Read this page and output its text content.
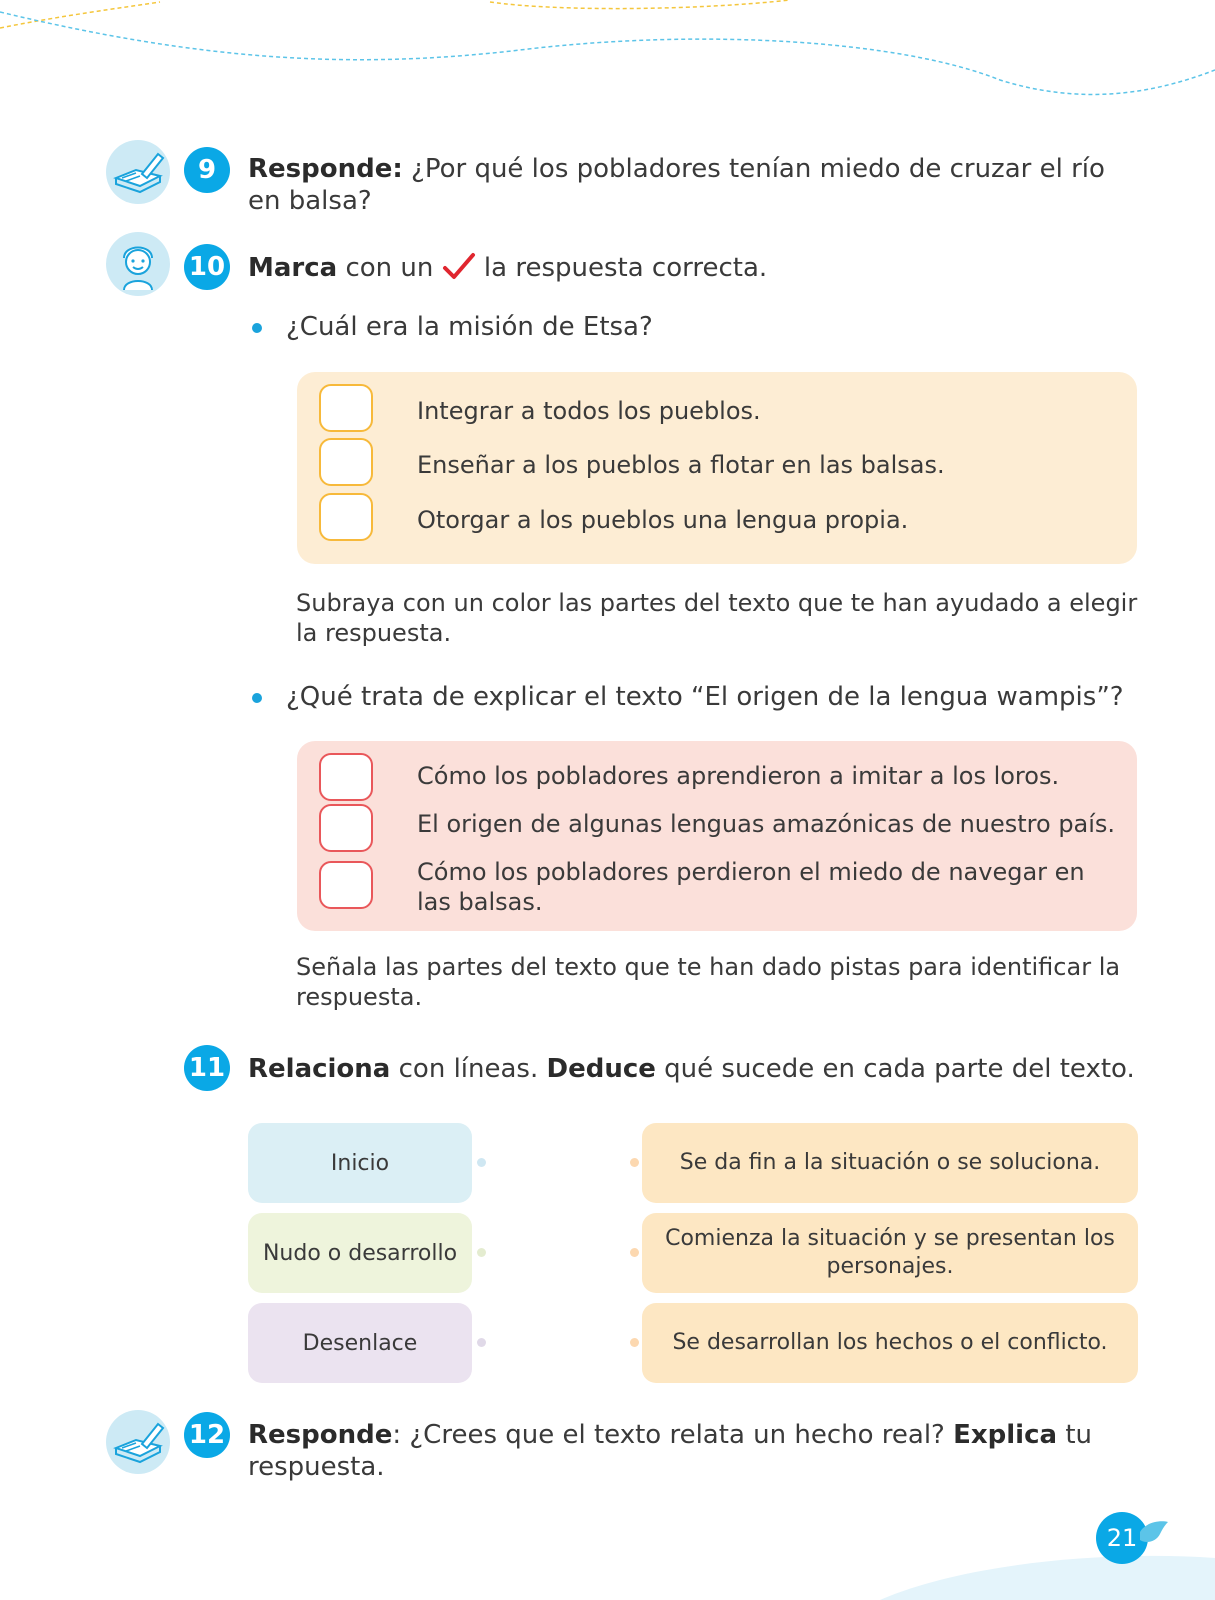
9 Responde: ¿Por qué los pobladores tenían miedo de cruzar el río en balsa?
10 Marca con un  la respuesta correcta.
¿Cuál era la misión de Etsa?
Integrar a todos los pueblos.
Enseñar a los pueblos a flotar en las balsas.
Otorgar a los pueblos una lengua propia.
Subraya con un color las partes del texto que te han ayudado a elegir la respuesta.
¿Qué trata de explicar el texto “El origen de la lengua wampis”?
Cómo los pobladores aprendieron a imitar a los loros.
El origen de algunas lenguas amazónicas de nuestro país.
Cómo los pobladores perdieron el miedo de navegar en las balsas.
Señala las partes del texto que te han dado pistas para identificar la respuesta.
11 Relaciona con líneas. Deduce qué sucede en cada parte del texto.
Inicio
Nudo o desarrollo
Desenlace
Se da fin a la situación o se soluciona.
Comienza la situación y se presentan los personajes.
Se desarrollan los hechos o el conflicto.
12 Responde: ¿Crees que el texto relata un hecho real? Explica tu respuesta.
21
